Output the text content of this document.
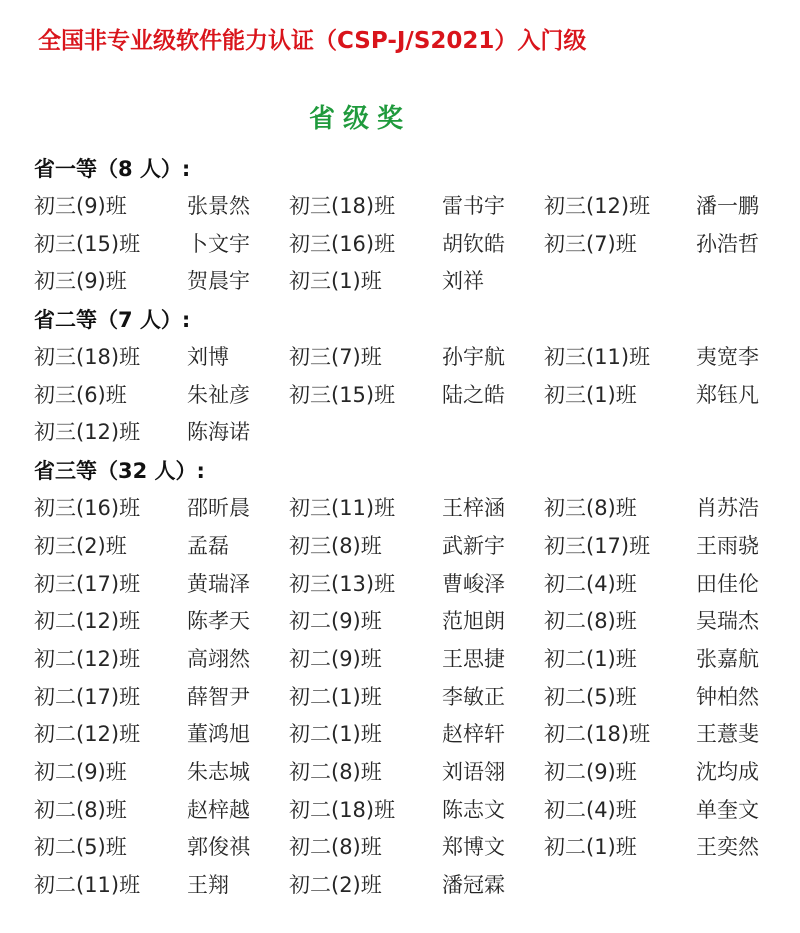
全国非专业级软件能力认证（CSP-J/S2021）入门级
省级奖
省一等（8 人）:
初三(9)班	张景然 初三(18)班 雷书宇 初三(12)班 潘一鹏
初三(15)班 卜文宇 初三(16)班 胡钦皓 初三(7)班	孙浩哲
初三(9)班	贺晨宇 初三(1)班	刘祥
省二等（7 人）:
初三(18)班 刘博	初三(7)班	孙宇航 初三(11)班 夷宽李
初三(6)班	朱祉彦 初三(15)班 陆之皓 初三(1)班	郑钰凡
初三(12)班 陈海诺
省三等（32 人）:
初三(16)班 邵昕晨 初三(11)班 王梓涵 初三(8)班	肖苏浩
初三(2)班	孟磊	初三(8)班	武新宇 初三(17)班 王雨骁
初三(17)班 黄瑞泽 初三(13)班 曹峻泽 初二(4)班	田佳伦
初二(12)班 陈孝天 初二(9)班	范旭朗 初二(8)班	吴瑞杰
初二(12)班 高翊然 初二(9)班	王思捷 初二(1)班	张嘉航
初二(17)班 薛智尹 初二(1)班	李敏正 初二(5)班	钟柏然
初二(12)班 董鸿旭 初二(1)班	赵梓轩 初二(18)班 王薏斐
初二(9)班	朱志城 初二(8)班	刘语翎 初二(9)班	沈均成
初二(8)班	赵梓越 初二(18)班 陈志文 初二(4)班	单奎文
初二(5)班	郭俊祺 初二(8)班	郑博文 初二(1)班	王奕然
初二(11)班 王翔	初二(2)班	潘冠霖
